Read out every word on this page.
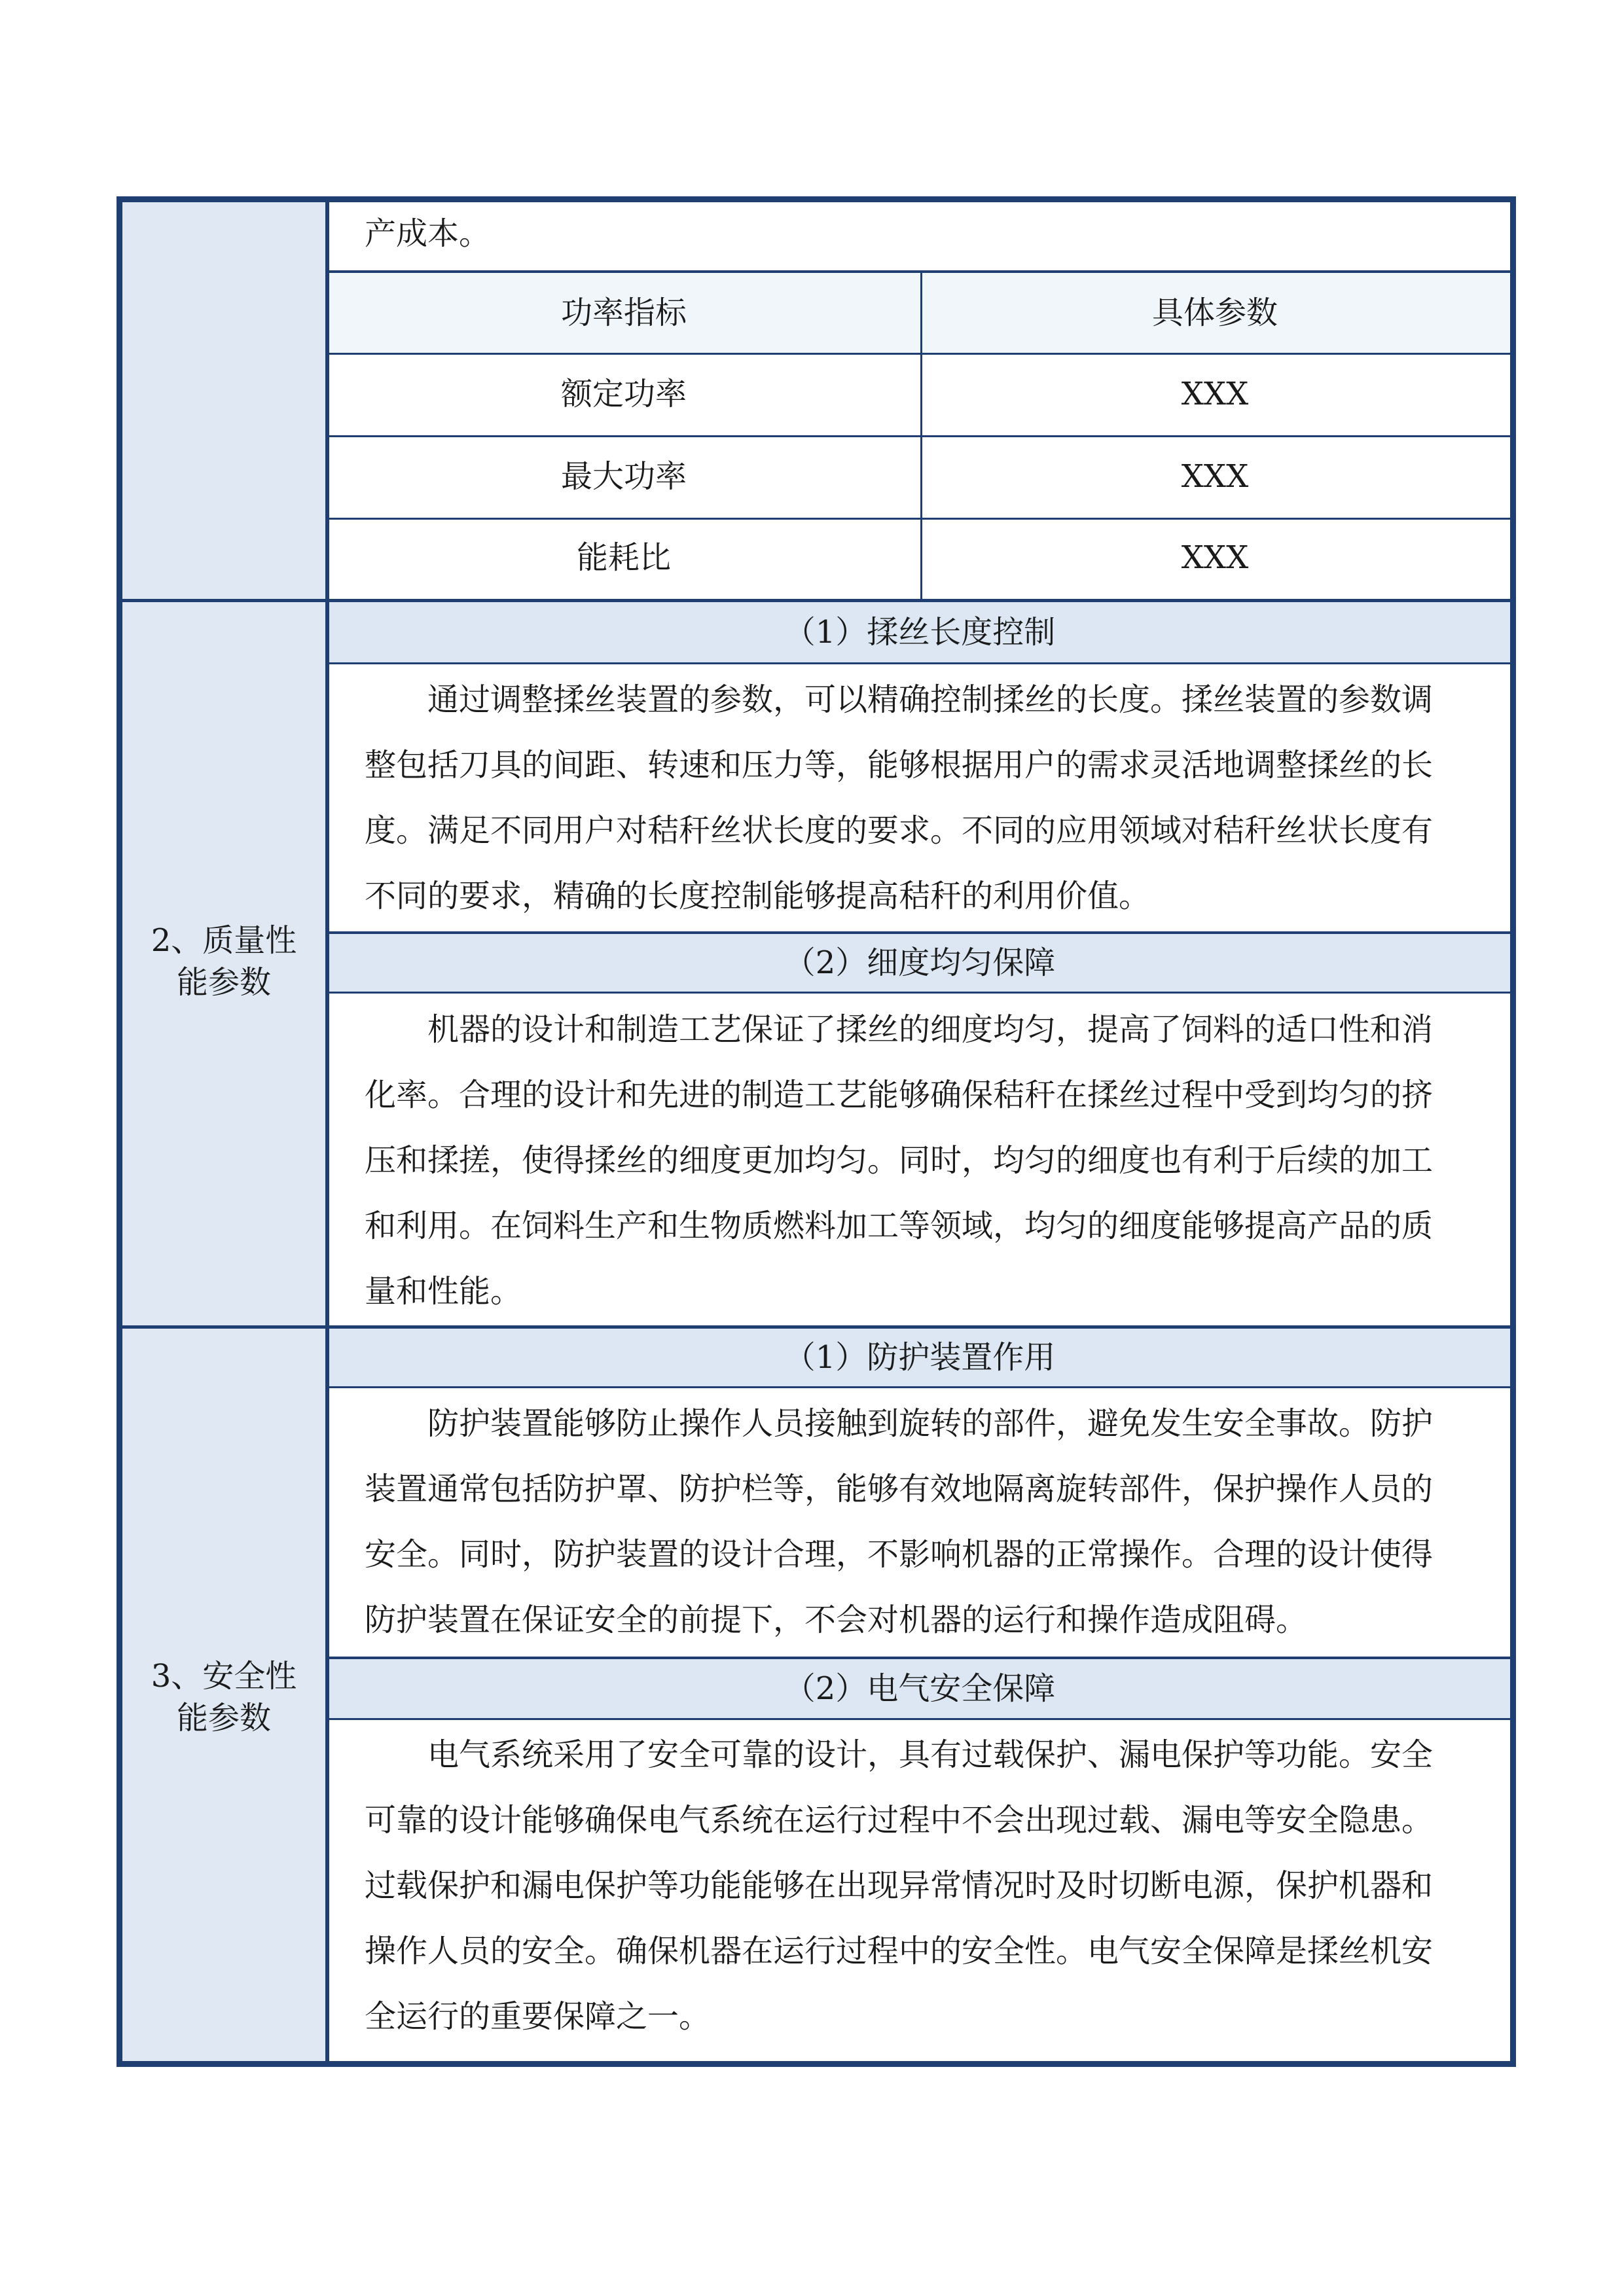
产成本。
功率指标	具体参数
额定功率	XXX
最大功率	XXX
能耗比	XXX
2、质量性
能参数
（1）揉丝长度控制
通过调整揉丝装置的参数，可以精确控制揉丝的长度。揉丝装置的参数调
整包括刀具的间距、转速和压力等，能够根据用户的需求灵活地调整揉丝的长
度。满足不同用户对秸秆丝状长度的要求。不同的应用领域对秸秆丝状长度有
不同的要求，精确的长度控制能够提高秸秆的利用价值。
（2）细度均匀保障
机器的设计和制造工艺保证了揉丝的细度均匀，提高了饲料的适口性和消
化率。合理的设计和先进的制造工艺能够确保秸秆在揉丝过程中受到均匀的挤
压和揉搓，使得揉丝的细度更加均匀。同时，均匀的细度也有利于后续的加工
和利用。在饲料生产和生物质燃料加工等领域，均匀的细度能够提高产品的质
量和性能。
3、安全性
能参数
（1）防护装置作用
防护装置能够防止操作人员接触到旋转的部件，避免发生安全事故。防护
装置通常包括防护罩、防护栏等，能够有效地隔离旋转部件，保护操作人员的
安全。同时，防护装置的设计合理，不影响机器的正常操作。合理的设计使得
防护装置在保证安全的前提下，不会对机器的运行和操作造成阻碍。
（2）电气安全保障
电气系统采用了安全可靠的设计，具有过载保护、漏电保护等功能。安全
可靠的设计能够确保电气系统在运行过程中不会出现过载、漏电等安全隐患。
过载保护和漏电保护等功能能够在出现异常情况时及时切断电源，保护机器和
操作人员的安全。确保机器在运行过程中的安全性。电气安全保障是揉丝机安
全运行的重要保障之一。
